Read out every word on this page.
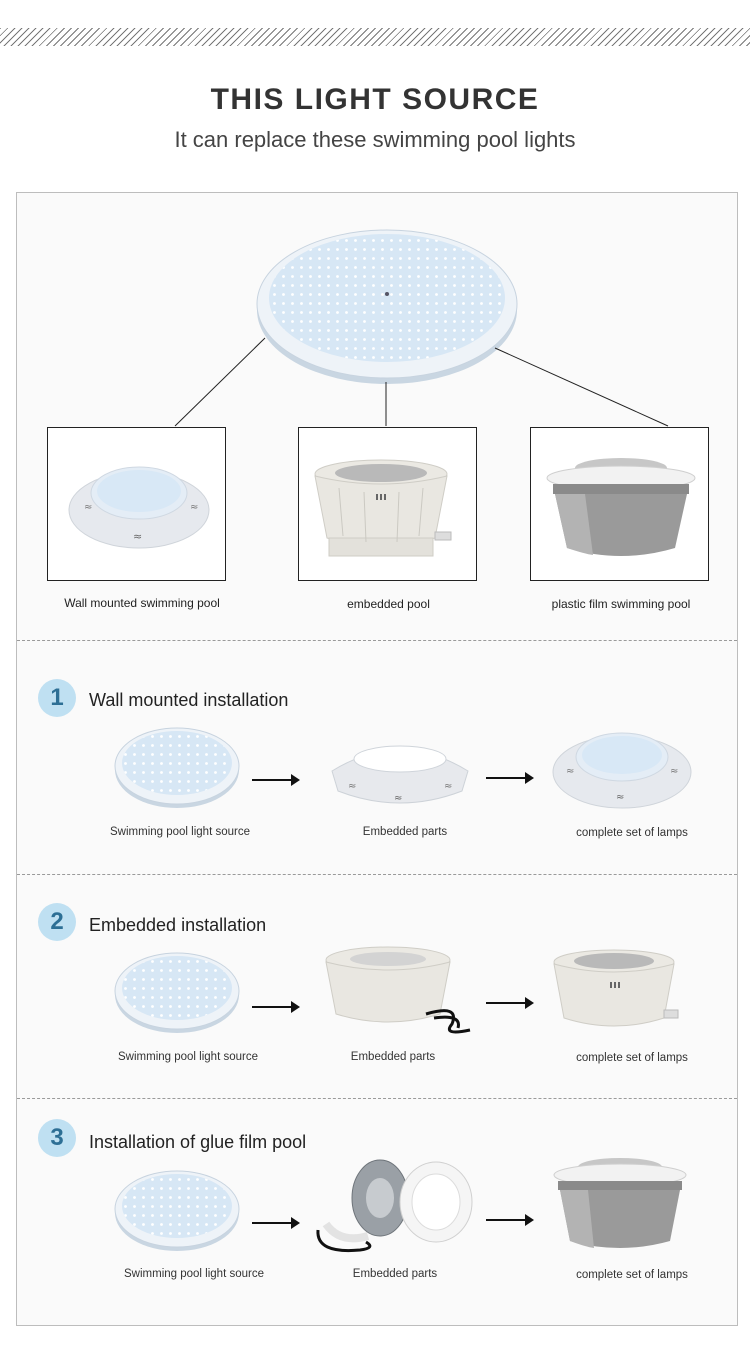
THIS LIGHT SOURCE

It can replace these swimming pool lights

≈	≈
≈
Wall mounted swimming pool	embedded pool	plastic film swimming pool
1	Wall mounted installation
≈	≈
≈
≈	≈
≈
Swimming pool light source	Embedded parts	complete set of lamps
2	Embedded installation
Swimming pool light source	Embedded parts	complete set of lamps
3	Installation of glue film pool
Swimming pool light source	Embedded parts	complete set of lamps
